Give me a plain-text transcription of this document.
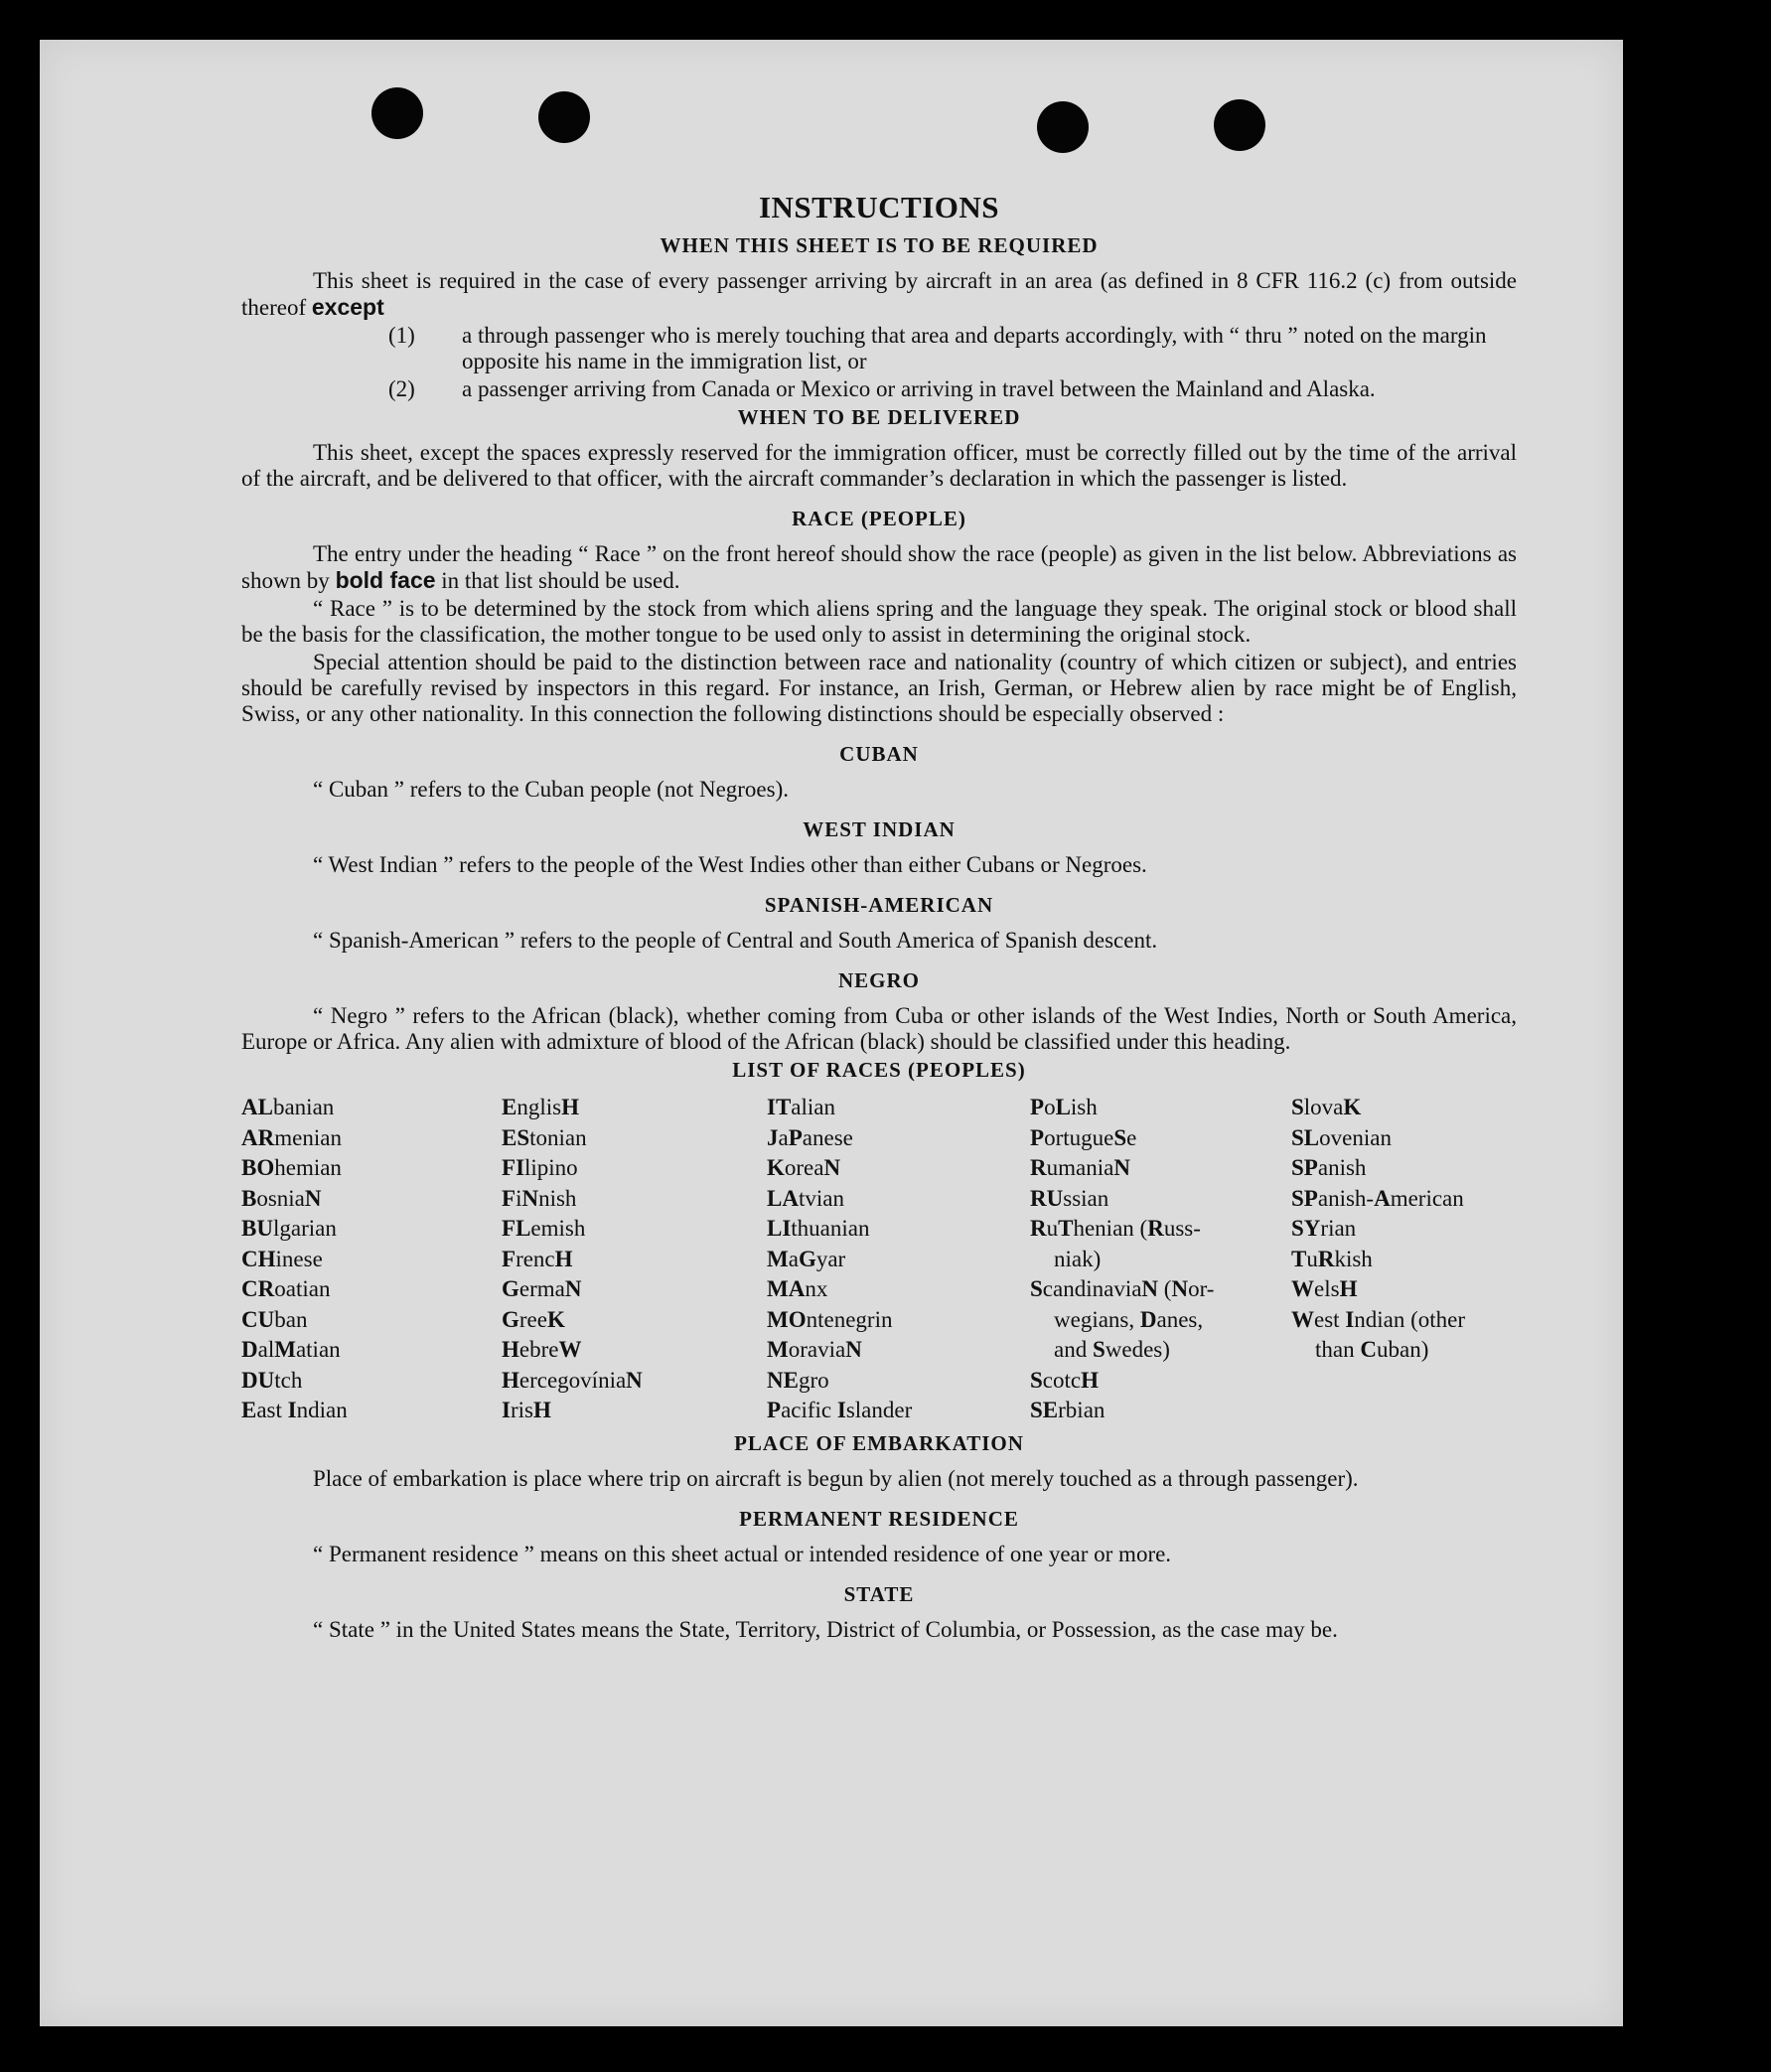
INSTRUCTIONS
WHEN THIS SHEET IS TO BE REQUIRED

This sheet is required in the case of every passenger arriving by aircraft in an area (as defined in 8 CFR 116.2 (c) from outside thereof except

(1) a through passenger who is merely touching that area and departs accordingly, with “ thru ” noted on the margin opposite his name in the immigration list, or
(2) a passenger arriving from Canada or Mexico or arriving in travel between the Mainland and Alaska.
WHEN TO BE DELIVERED

This sheet, except the spaces expressly reserved for the immigration officer, must be correctly filled out by the time of the arrival of the aircraft, and be delivered to that officer, with the aircraft commander’s declaration in which the passenger is listed.

RACE (PEOPLE)

The entry under the heading “ Race ” on the front hereof should show the race (people) as given in the list below. Abbreviations as shown by bold face in that list should be used.

“ Race ” is to be determined by the stock from which aliens spring and the language they speak. The original stock or blood shall be the basis for the classification, the mother tongue to be used only to assist in determining the original stock.

Special attention should be paid to the distinction between race and nationality (country of which citizen or subject), and entries should be carefully revised by inspectors in this regard. For instance, an Irish, German, or Hebrew alien by race might be of English, Swiss, or any other nationality. In this connection the following distinctions should be especially observed :

CUBAN

“ Cuban ” refers to the Cuban people (not Negroes).

WEST INDIAN

“ West Indian ” refers to the people of the West Indies other than either Cubans or Negroes.

SPANISH-AMERICAN

“ Spanish-American ” refers to the people of Central and South America of Spanish descent.

NEGRO

“ Negro ” refers to the African (black), whether coming from Cuba or other islands of the West Indies, North or South America, Europe or Africa. Any alien with admixture of blood of the African (black) should be classified under this heading.

LIST OF RACES (PEOPLES)
ALbanian
ARmenian
BOhemian
BosniaN
BUlgarian
CHinese
CRoatian
CUban
DalMatian
DUtch
East Indian
EnglisH
EStonian
FIlipino
FiNnish
FLemish
FrencH
GermaN
GreeK
HebreW
HercegovíniaN
IrisH
ITalian
JaPanese
KoreaN
LAtvian
LIthuanian
MaGyar
MAnx
MOntenegrin
MoraviaN
NEgro
Pacific Islander
PoLish
PortugueSe
RumaniaN
RUssian
RuThenian (Russ-
niak)
ScandinaviaN (Nor-
wegians, Danes,
and Swedes)
ScotcH
SErbian
SlovaK
SLovenian
SPanish
SPanish-American
SYrian
TuRkish
WelsH
West Indian (other
than Cuban)
PLACE OF EMBARKATION

Place of embarkation is place where trip on aircraft is begun by alien (not merely touched as a through passenger).

PERMANENT RESIDENCE

“ Permanent residence ” means on this sheet actual or intended residence of one year or more.

STATE

“ State ” in the United States means the State, Territory, District of Columbia, or Possession, as the case may be.
